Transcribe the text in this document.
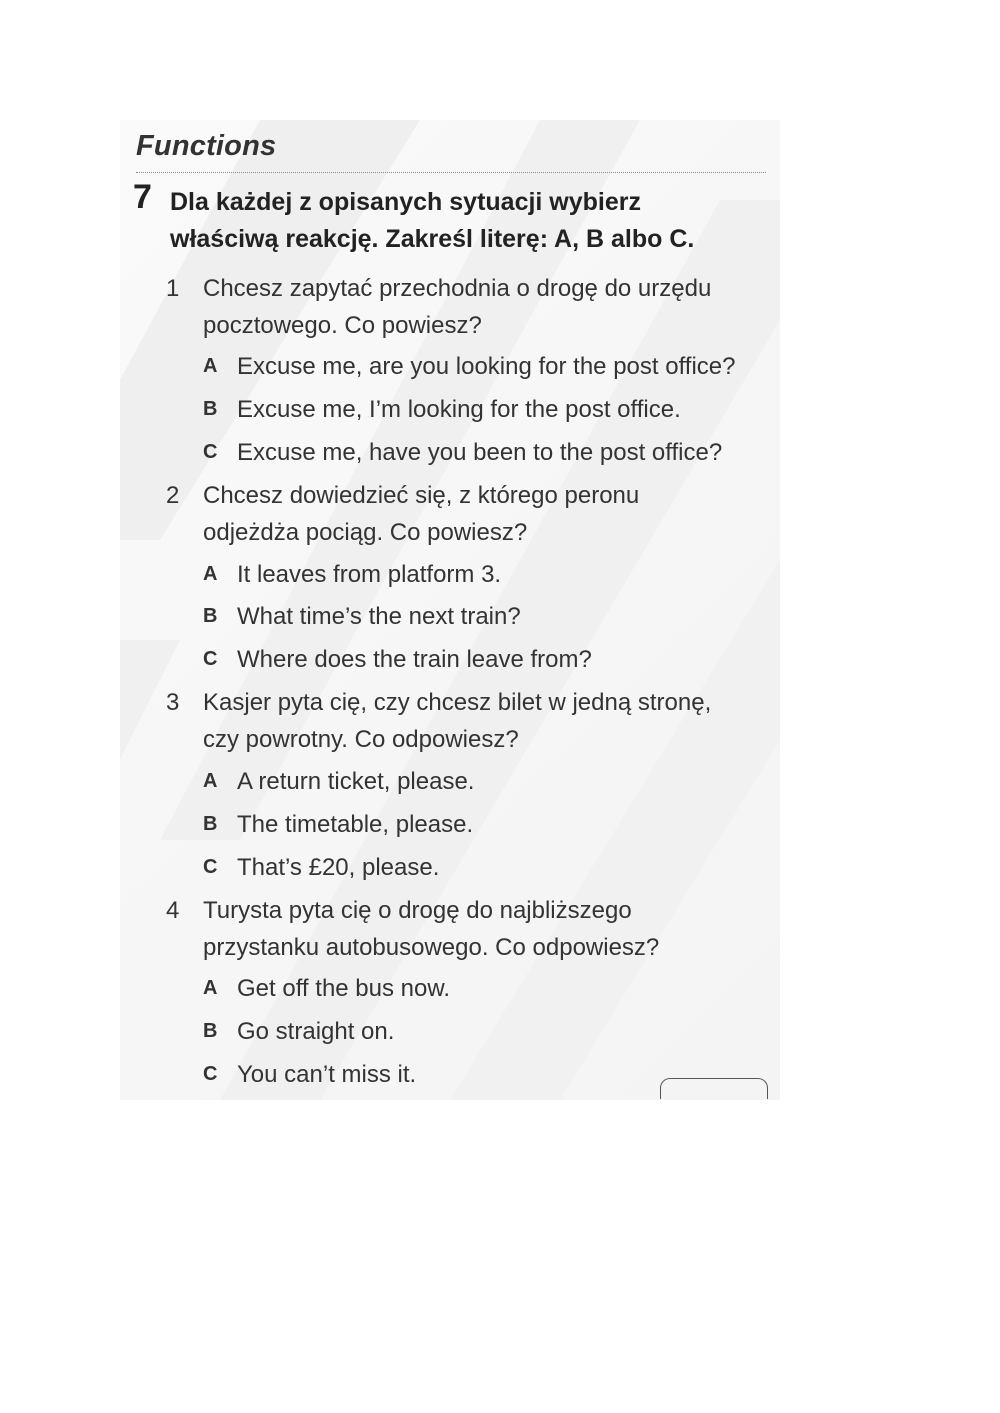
Functions
7 Dla każdej z opisanych sytuacji wybierz
właściwą reakcję. Zakreśl literę: A, B albo C.
1 Chcesz zapytać przechodnia o drogę do urzędu
pocztowego. Co powiesz?
A Excuse me, are you looking for the post office?
B Excuse me, I’m looking for the post office.
C Excuse me, have you been to the post office?
2 Chcesz dowiedzieć się, z którego peronu
odjeżdża pociąg. Co powiesz?
A It leaves from platform 3.
B What time’s the next train?
C Where does the train leave from?
3 Kasjer pyta cię, czy chcesz bilet w jedną stronę,
czy powrotny. Co odpowiesz?
A A return ticket, please.
B The timetable, please.
C That’s £20, please.
4 Turysta pyta cię o drogę do najbliższego
przystanku autobusowego. Co odpowiesz?
A Get off the bus now.
B Go straight on.
C You can’t miss it.
